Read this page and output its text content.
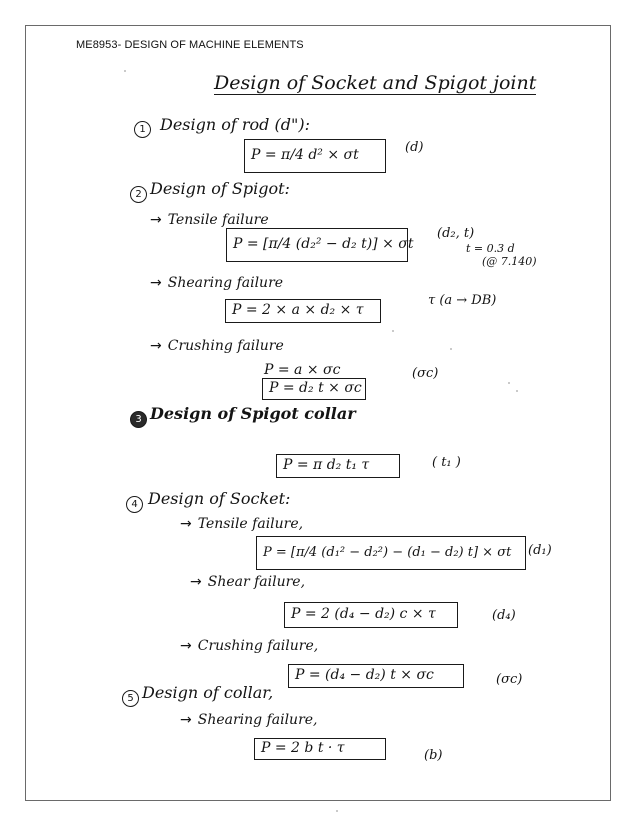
ME8953- DESIGN OF MACHINE ELEMENTS
Design of Socket and Spigot joint
1 Design of rod (d"):
P = π/4 d² × σt	(d)
2 Design of Spigot:
→ Tensile failure
P = [π/4 (d₂² − d₂ t)] × σt
(d₂, t)
t = 0.3 d
(@ 7.140)
→ Shearing failure
P = 2 × a × d₂ × τ
τ (a → DB)
→ Crushing failure
P = a × σc
P = d₂ t × σc
(σc)
3 Design of Spigot collar
P = π d₂ t₁ τ	( t₁ )
4 Design of Socket:
→ Tensile failure,
P = [π/4 (d₁² − d₂²) − (d₁ − d₂) t] × σt	(d₁)
→ Shear failure,
P = 2 (d₄ − d₂) c × τ	(d₄)
→ Crushing failure,
P = (d₄ − d₂) t × σc	(σc)
5 Design of collar,
→ Shearing failure,
P = 2 b t · τ	(b)
